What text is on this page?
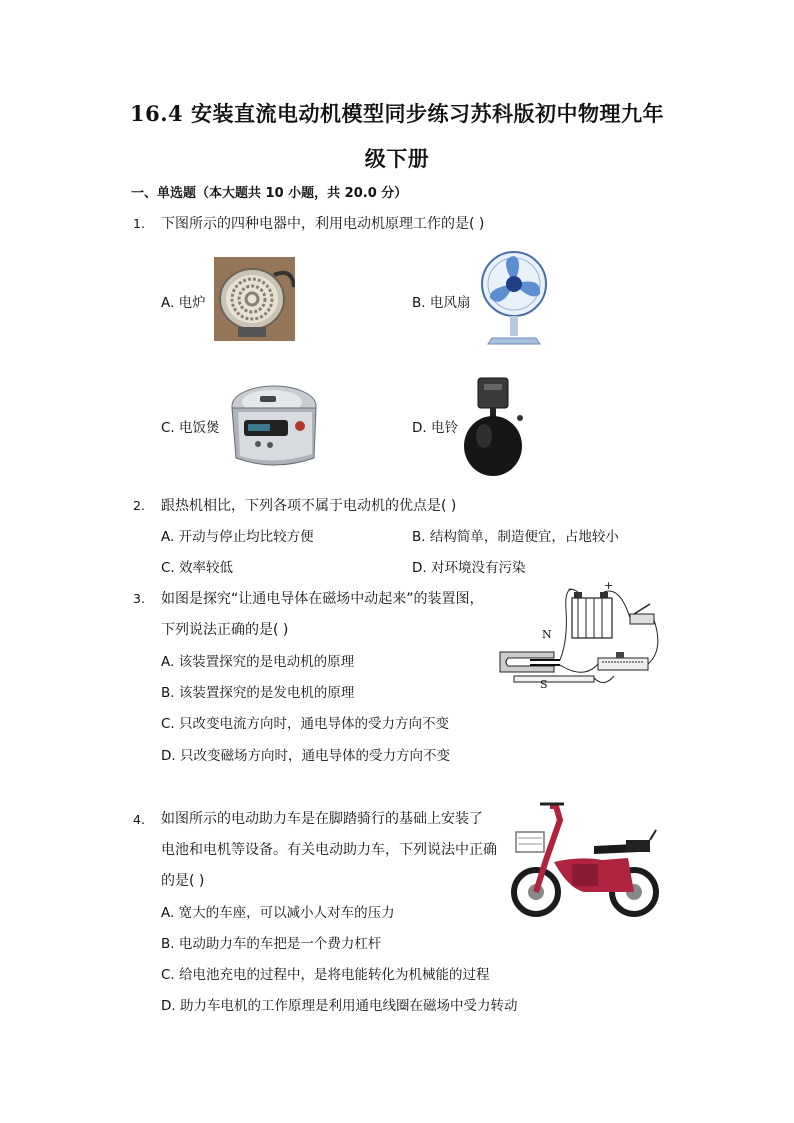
16.4 安装直流电动机模型同步练习苏科版初中物理九年
级下册
一、单选题（本大题共 10 小题，共 20.0 分）
1. 下图所示的四种电器中，利用电动机原理工作的是( )
A. 电炉	B. 电风扇
C. 电饭煲	D. 电铃
2. 跟热机相比，下列各项不属于电动机的优点是( )
A. 开动与停止均比较方便	B. 结构简单，制造便宜，占地较小
C. 效率较低	D. 对环境没有污染
3. 如图是探究“让通电导体在磁场中动起来”的装置图，
下列说法正确的是( )
A. 该装置探究的是电动机的原理
B. 该装置探究的是发电机的原理
C. 只改变电流方向时，通电导体的受力方向不变
D. 只改变磁场方向时，通电导体的受力方向不变
N
S
-	+
4. 如图所示的电动助力车是在脚踏骑行的基础上安装了
电池和电机等设备。有关电动助力车，下列说法中正确
的是( )
A. 宽大的车座，可以减小人对车的压力
B. 电动助力车的车把是一个费力杠杆
C. 给电池充电的过程中，是将电能转化为机械能的过程
D. 助力车电机的工作原理是利用通电线圈在磁场中受力转动
